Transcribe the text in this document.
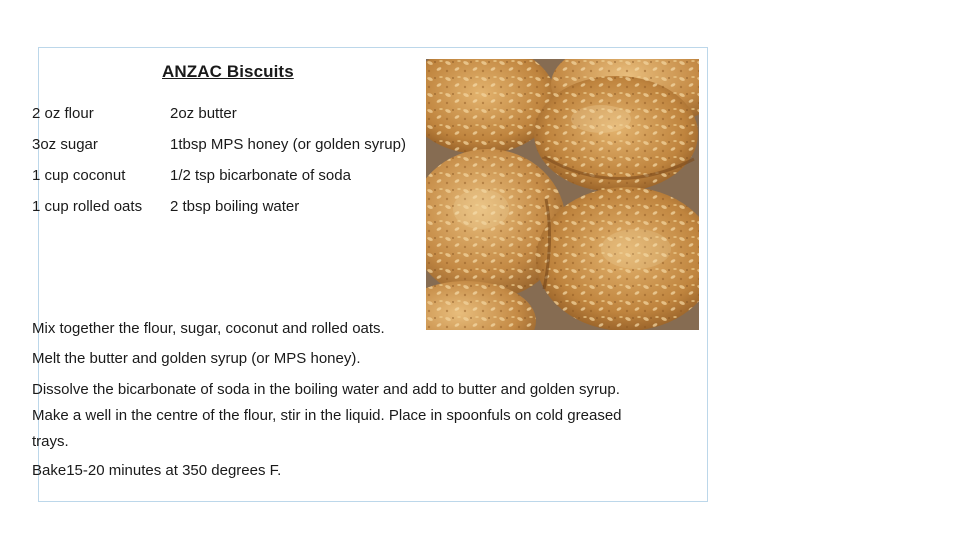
ANZAC Biscuits
2 oz flour
3oz sugar
1 cup coconut
1 cup rolled oats
2oz butter
1tbsp MPS honey (or golden syrup)
1/2 tsp bicarbonate of soda
2 tbsp boiling water
Mix together the flour, sugar, coconut and rolled oats.
Melt the butter and golden syrup (or MPS honey).
Dissolve the bicarbonate of soda in the boiling water and add to butter and golden syrup.
Make a well in the centre of the flour, stir in the liquid. Place in spoonfuls on cold greased
trays.
Bake15-20 minutes at 350 degrees F.
